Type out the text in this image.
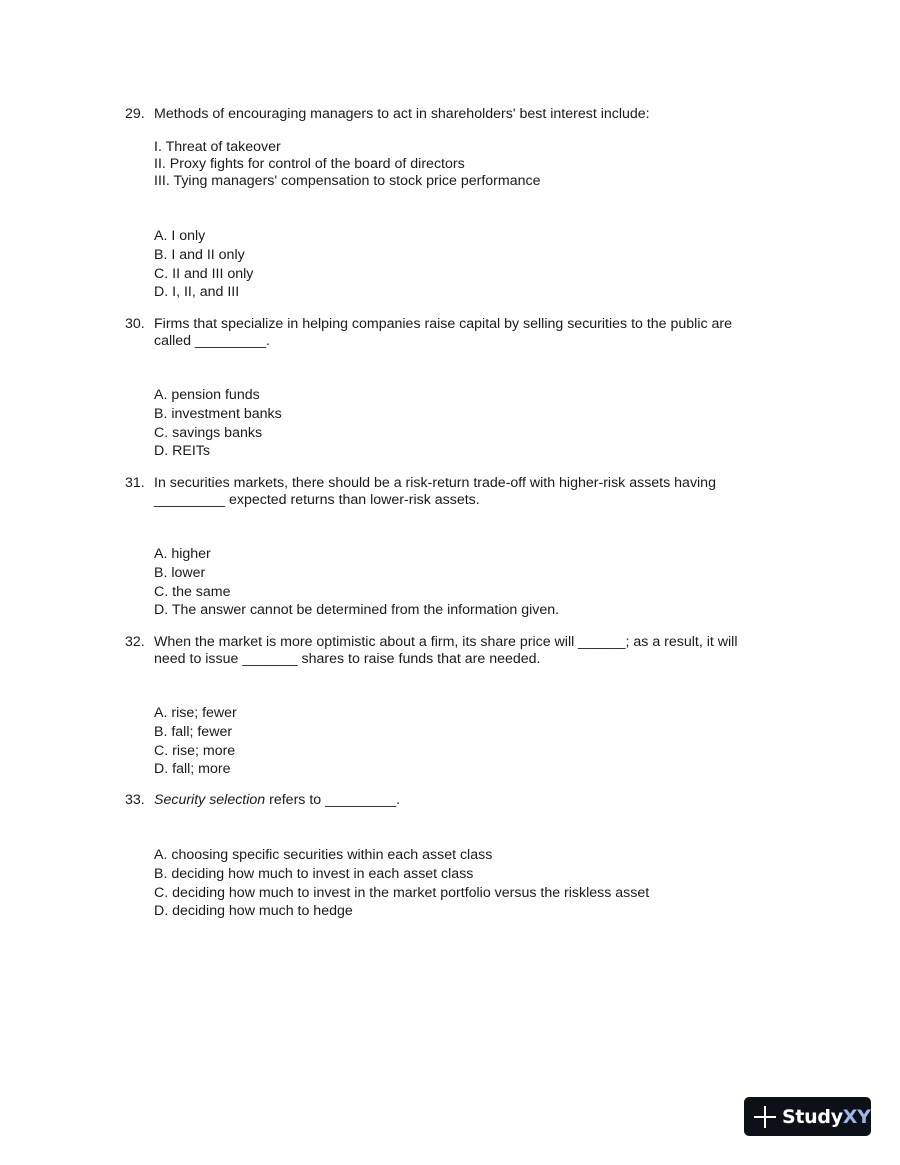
29. Methods of encouraging managers to act in shareholders' best interest include:
I. Threat of takeover
II. Proxy fights for control of the board of directors
III. Tying managers' compensation to stock price performance
A. I only
B. I and II only
C. II and III only
D. I, II, and III
30. Firms that specialize in helping companies raise capital by selling securities to the public are
called _________.
A. pension funds
B. investment banks
C. savings banks
D. REITs
31. In securities markets, there should be a risk-return trade-off with higher-risk assets having
_________ expected returns than lower-risk assets.
A. higher
B. lower
C. the same
D. The answer cannot be determined from the information given.
32. When the market is more optimistic about a firm, its share price will ______; as a result, it will
need to issue _______ shares to raise funds that are needed.
A. rise; fewer
B. fall; fewer
C. rise; more
D. fall; more
33. Security selection refers to _________.
A. choosing specific securities within each asset class
B. deciding how much to invest in each asset class
C. deciding how much to invest in the market portfolio versus the riskless asset
D. deciding how much to hedge
StudyXY
